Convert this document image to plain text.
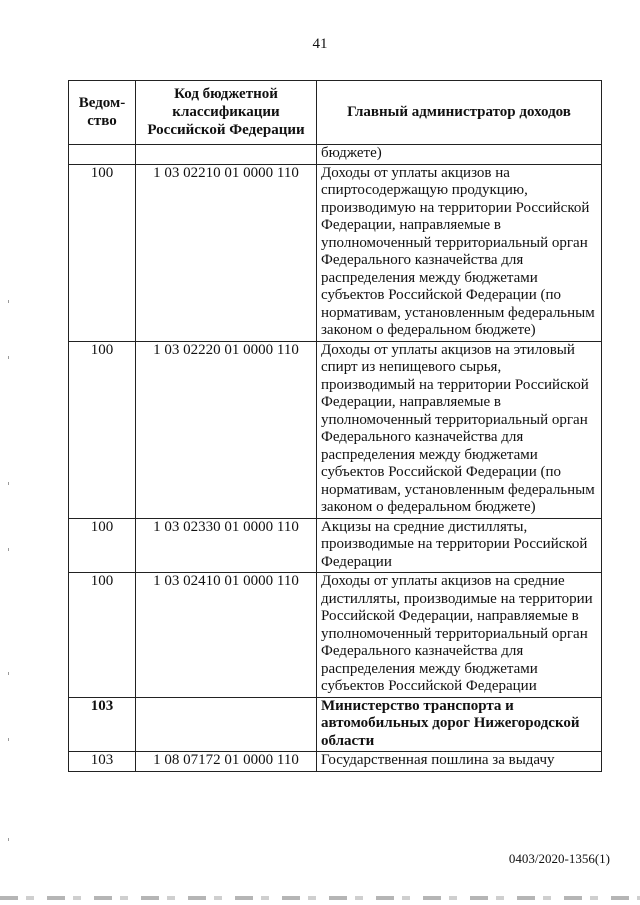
41
Ведом-
ство	Код бюджетной классификации Российской Федерации	Главный администратор доходов
		бюджете)
100	1 03 02210 01 0000 110	Доходы от уплаты акцизов на спиртосодержащую продукцию, производимую на территории Российской Федерации, направляемые в уполномоченный территориальный орган Федерального казначейства для распределения между бюджетами субъектов Российской Федерации (по нормативам, установленным федеральным законом о федеральном бюджете)
100	1 03 02220 01 0000 110	Доходы от уплаты акцизов на этиловый спирт из непищевого сырья, производимый на территории Российской Федерации, направляемые в уполномоченный территориальный орган Федерального казначейства для распределения между бюджетами субъектов Российской Федерации (по нормативам, установленным федеральным законом о федеральном бюджете)
100	1 03 02330 01 0000 110	Акцизы на средние дистилляты, производимые на территории Российской Федерации
100	1 03 02410 01 0000 110	Доходы от уплаты акцизов на средние дистилляты, производимые на территории Российской Федерации, направляемые в уполномоченный территориальный орган Федерального казначейства для распределения между бюджетами субъектов Российской Федерации
103		Министерство транспорта и автомобильных дорог Нижегородской области
103	1 08 07172 01 0000 110	Государственная пошлина за выдачу
0403/2020-1356(1)
